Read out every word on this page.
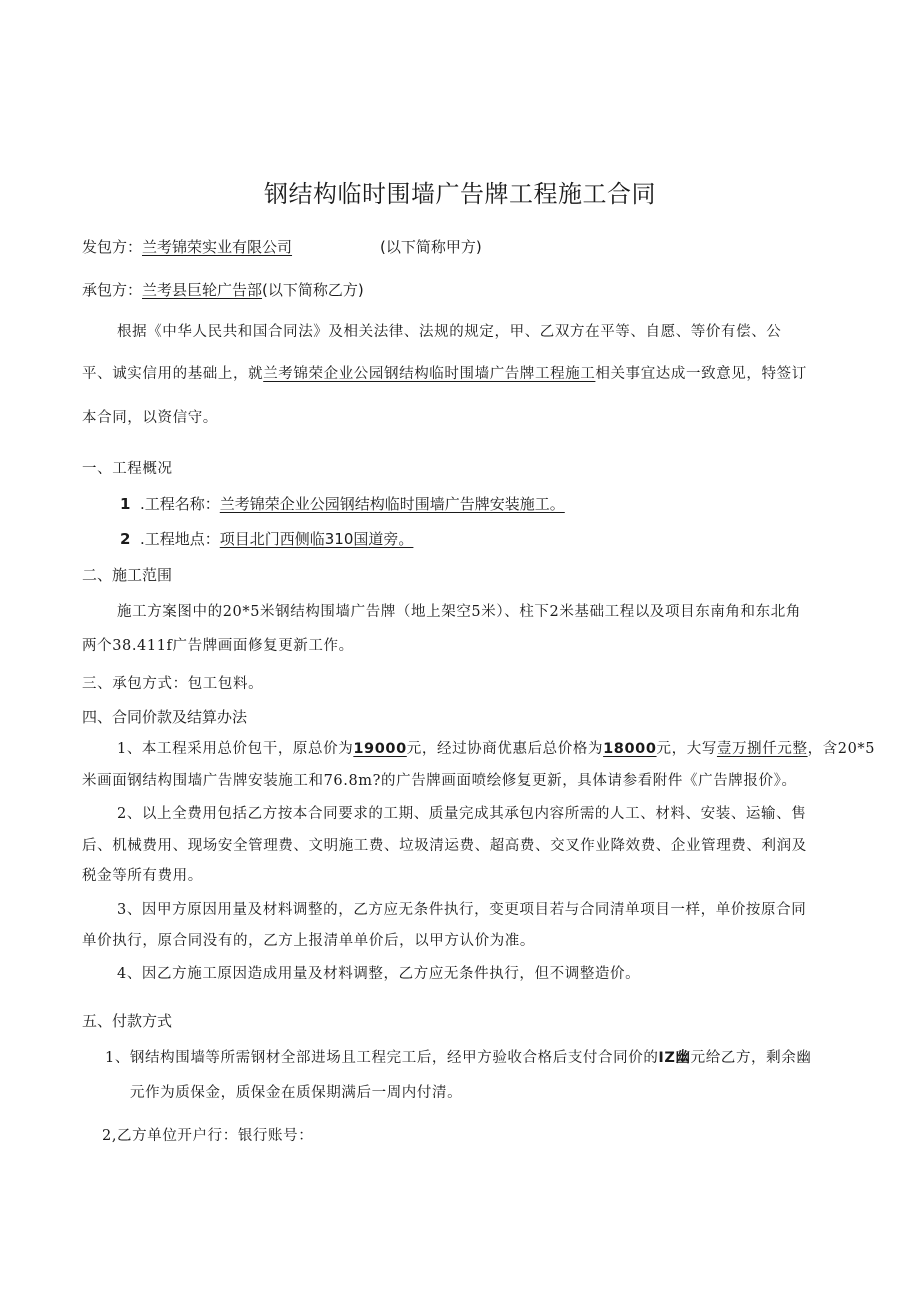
钢结构临时围墙广告牌工程施工合同
发包方：兰考锦荣实业有限公司	(以下简称甲方)
承包方：兰考县巨轮广告部(以下简称乙方)
根据《中华人民共和国合同法》及相关法律、法规的规定，甲、乙双方在平等、自愿、等价有偿、公
平、诚实信用的基础上，就兰考锦荣企业公园钢结构临时围墙广告牌工程施工相关事宜达成一致意见，特签订
本合同，以资信守。
一、工程概况
1 .工程名称：兰考锦荣企业公园钢结构临时围墙广告牌安装施工。
2 .工程地点：项目北门西侧临310国道旁。
二、施工范围
施工方案图中的20*5米钢结构围墙广告牌（地上架空5米）、柱下2米基础工程以及项目东南角和东北角
两个38.411f广告牌画面修复更新工作。
三、承包方式：包工包料。
四、合同价款及结算办法
1、本工程采用总价包干，原总价为19000元，经过协商优惠后总价格为18000元，大写壹万捌仟元整，含20*5
米画面钢结构围墙广告牌安装施工和76.8m?的广告牌画面喷绘修复更新，具体请参看附件《广告牌报价》。
2、以上全费用包括乙方按本合同要求的工期、质量完成其承包内容所需的人工、材料、安装、运输、售
后、机械费用、现场安全管理费、文明施工费、垃圾清运费、超高费、交叉作业降效费、企业管理费、利润及
税金等所有费用。
3、因甲方原因用量及材料调整的，乙方应无条件执行，变更项目若与合同清单项目一样，单价按原合同
单价执行，原合同没有的，乙方上报清单单价后，以甲方认价为准。
4、因乙方施工原因造成用量及材料调整，乙方应无条件执行，但不调整造价。
五、付款方式
1、钢结构围墙等所需钢材全部进场且工程完工后，经甲方验收合格后支付合同价的IZ幽元给乙方，剩余幽
元作为质保金，质保金在质保期满后一周内付清。
2,乙方单位开户行：银行账号：
